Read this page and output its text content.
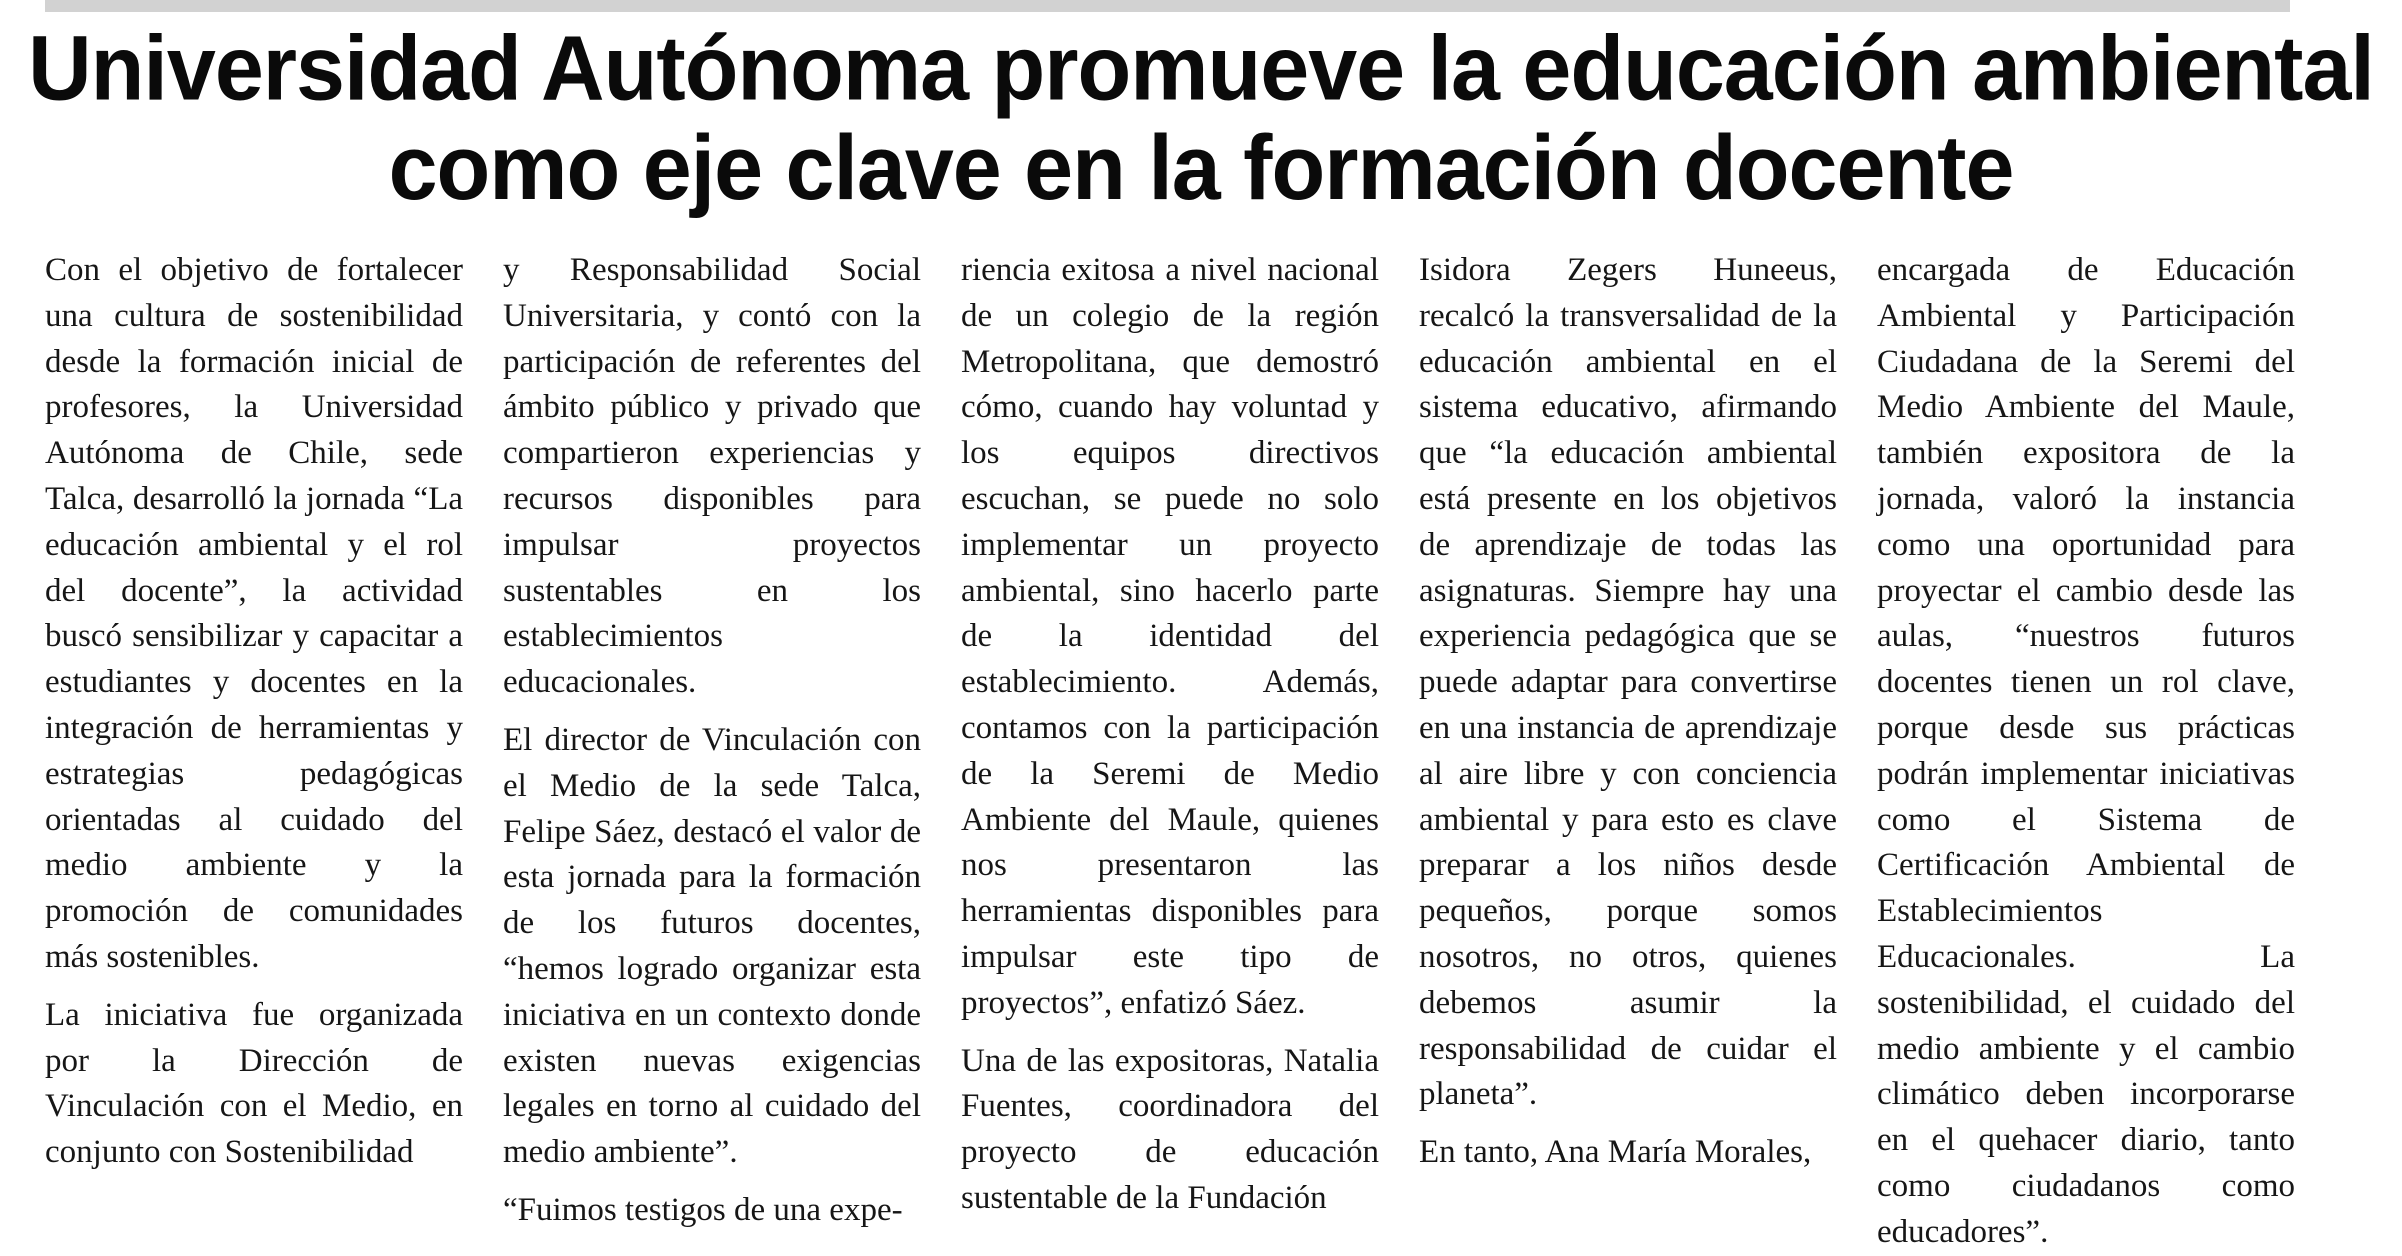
Universidad Autónoma promueve la educación ambiental
como eje clave en la formación docente

Con el objetivo de fortalecer una cultura de sostenibilidad desde la formación inicial de profesores, la Universidad Autónoma de Chile, sede Talca, desarrolló la jornada “La educación ambiental y el rol del docente”, la actividad buscó sensibilizar y capacitar a estudiantes y docentes en la integración de herramientas y estrategias pedagógicas orientadas al cuidado del medio ambiente y la promoción de comunidades más sostenibles.

La iniciativa fue organizada por la Dirección de Vinculación con el Medio, en conjunto con Sostenibilidad

y Responsabilidad Social Universitaria, y contó con la participación de referentes del ámbito público y privado que compartieron experiencias y recursos disponibles para impulsar proyectos sustentables en los establecimientos educacionales.

El director de Vinculación con el Medio de la sede Talca, Felipe Sáez, destacó el valor de esta jornada para la formación de los futuros docentes, “hemos logrado organizar esta iniciativa en un contexto donde existen nuevas exigencias legales en torno al cuidado del medio ambiente”.

“Fuimos testigos de una expe-

riencia exitosa a nivel nacional de un colegio de la región Metropolitana, que demostró cómo, cuando hay voluntad y los equipos directivos escuchan, se puede no solo implementar un proyecto ambiental, sino hacerlo parte de la identidad del establecimiento. Además, contamos con la participación de la Seremi de Medio Ambiente del Maule, quienes nos presentaron las herramientas disponibles para impulsar este tipo de proyectos”, enfatizó Sáez.

Una de las expositoras, Natalia Fuentes, coordinadora del proyecto de educación sustentable de la Fundación

Isidora Zegers Huneeus, recalcó la transversalidad de la educación ambiental en el sistema educativo, afirmando que “la educación ambiental está presente en los objetivos de aprendizaje de todas las asignaturas. Siempre hay una experiencia pedagógica que se puede adaptar para convertirse en una instancia de aprendizaje al aire libre y con conciencia ambiental y para esto es clave preparar a los niños desde pequeños, porque somos nosotros, no otros, quienes debemos asumir la responsabilidad de cuidar el planeta”.

En tanto, Ana María Morales,

encargada de Educación Ambiental y Participación Ciudadana de la Seremi del Medio Ambiente del Maule, también expositora de la jornada, valoró la instancia como una oportunidad para proyectar el cambio desde las aulas, “nuestros futuros docentes tienen un rol clave, porque desde sus prácticas podrán implementar iniciativas como el Sistema de Certificación Ambiental de Establecimientos Educacionales. La sostenibilidad, el cuidado del medio ambiente y el cambio climático deben incorporarse en el quehacer diario, tanto como ciudadanos como educadores”.
